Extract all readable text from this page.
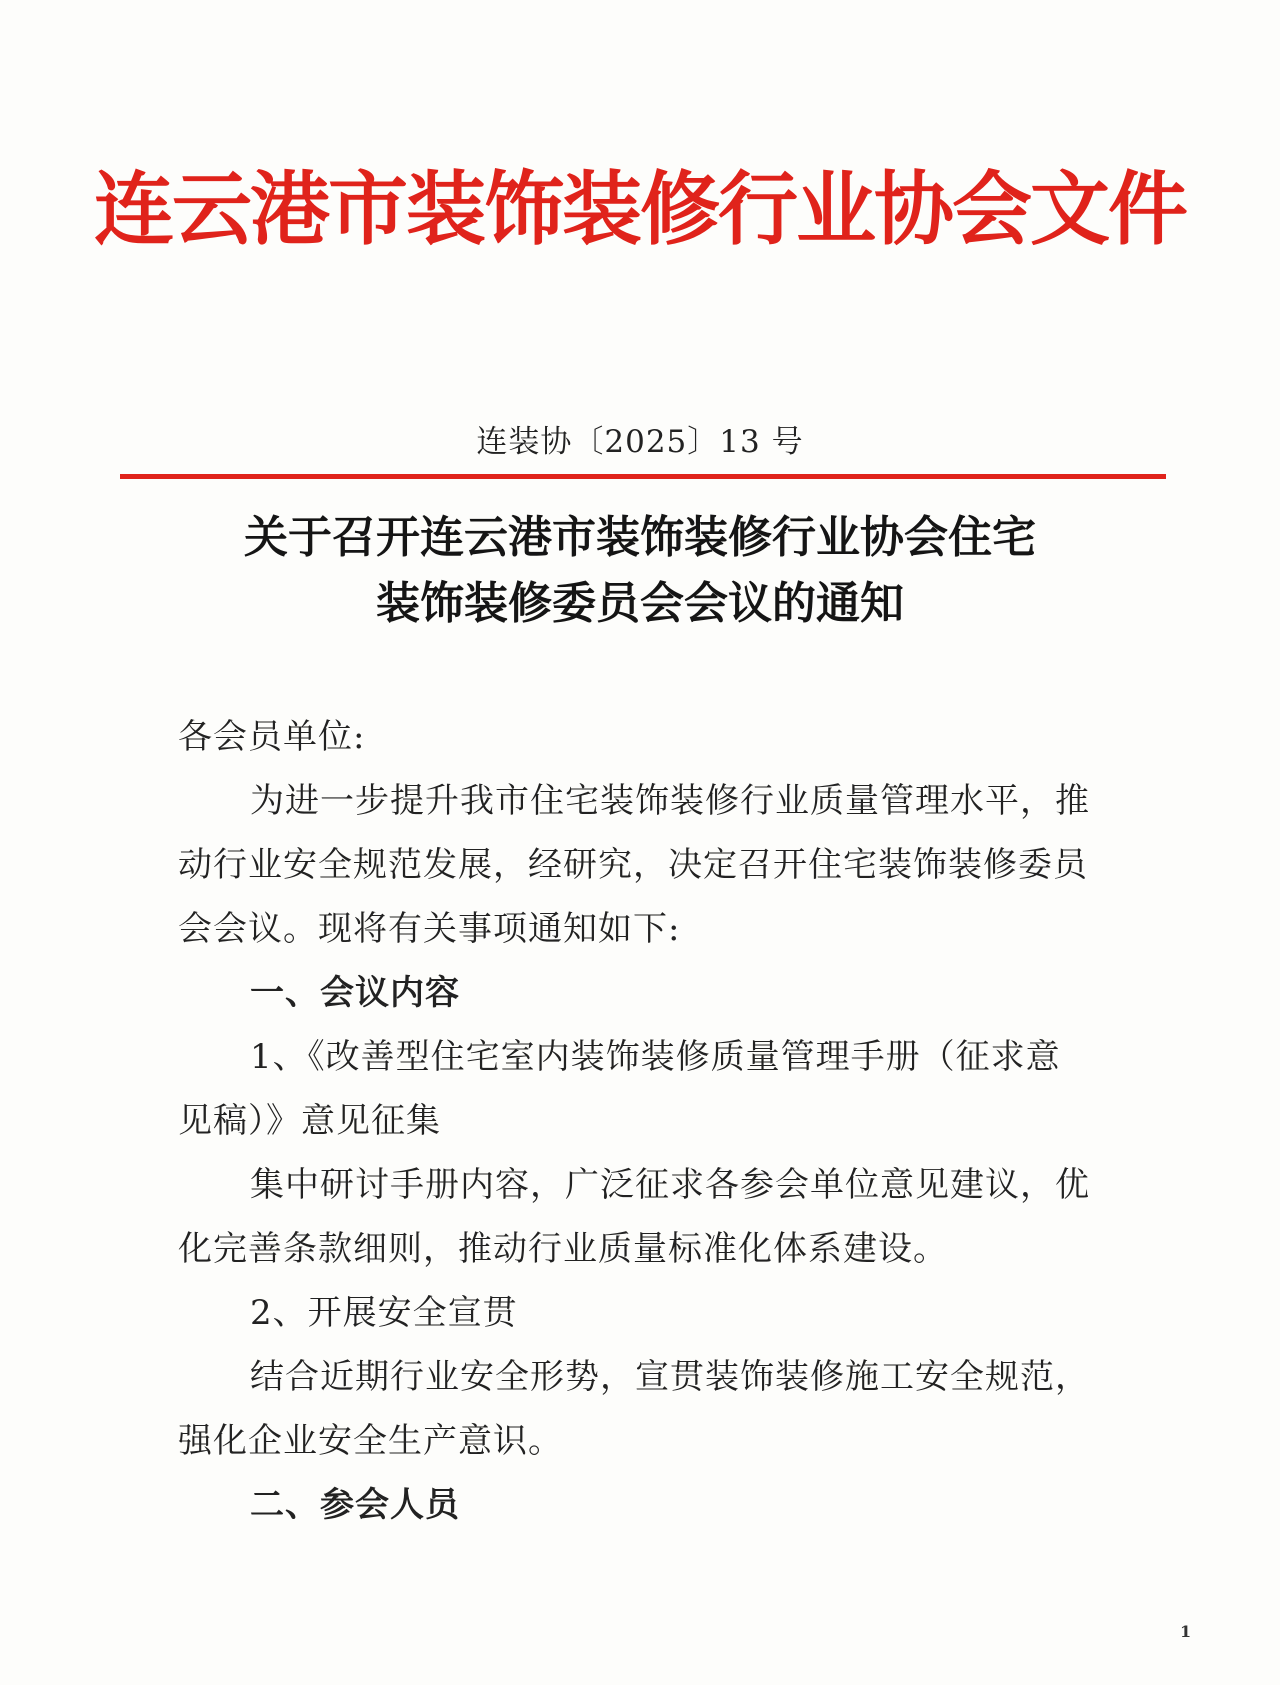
连云港市装饰装修行业协会文件
连装协〔2025〕13 号
关于召开连云港市装饰装修行业协会住宅
装饰装修委员会会议的通知
各会员单位:
为进一步提升我市住宅装饰装修行业质量管理水平，推
动行业安全规范发展，经研究，决定召开住宅装饰装修委员
会会议。现将有关事项通知如下:
一、会议内容
1、《改善型住宅室内装饰装修质量管理手册（征求意
见稿）》意见征集
集中研讨手册内容，广泛征求各参会单位意见建议，优
化完善条款细则，推动行业质量标准化体系建设。
2、开展安全宣贯
结合近期行业安全形势，宣贯装饰装修施工安全规范，
强化企业安全生产意识。
二、参会人员
1
